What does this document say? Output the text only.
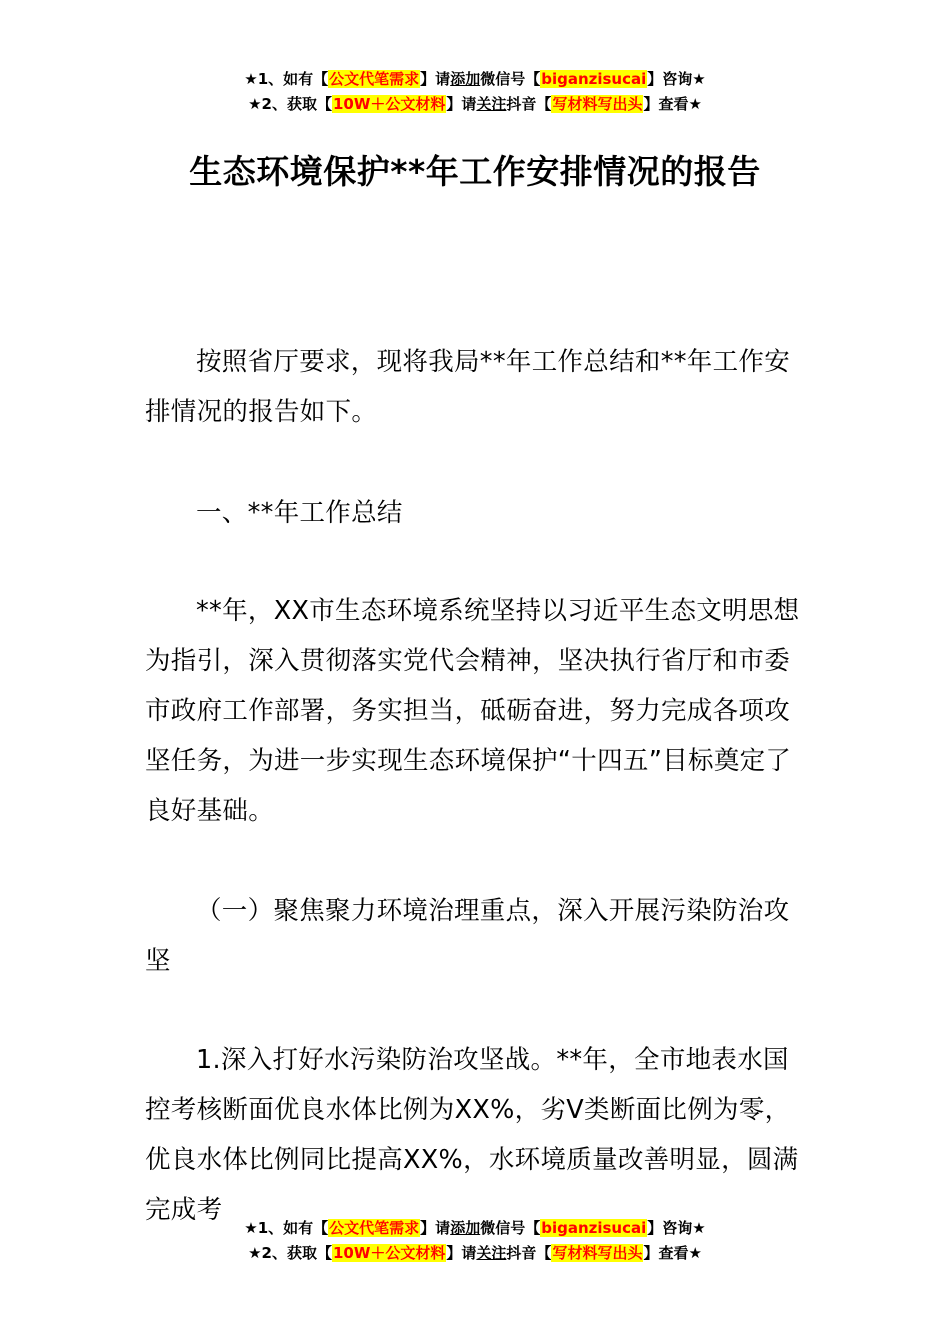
★1、如有【公文代笔需求】请添加微信号【biganzisucai】咨询★
★2、获取【10W＋公文材料】请关注抖音【写材料写出头】查看★
生态环境保护**年工作安排情况的报告

按照省厅要求，现将我局**年工作总结和**年工作安排情况的报告如下。

一、**年工作总结

**年，XX市生态环境系统坚持以习近平生态文明思想为指引，深入贯彻落实党代会精神，坚决执行省厅和市委市政府工作部署，务实担当，砥砺奋进，努力完成各项攻坚任务，为进一步实现生态环境保护“十四五”目标奠定了良好基础。

（一）聚焦聚力环境治理重点，深入开展污染防治攻坚

1.深入打好水污染防治攻坚战。**年，全市地表水国控考核断面优良水体比例为XX%，劣Ⅴ类断面比例为零，优良水体比例同比提高XX%，水环境质量改善明显，圆满完成考

★1、如有【公文代笔需求】请添加微信号【biganzisucai】咨询★
★2、获取【10W＋公文材料】请关注抖音【写材料写出头】查看★
